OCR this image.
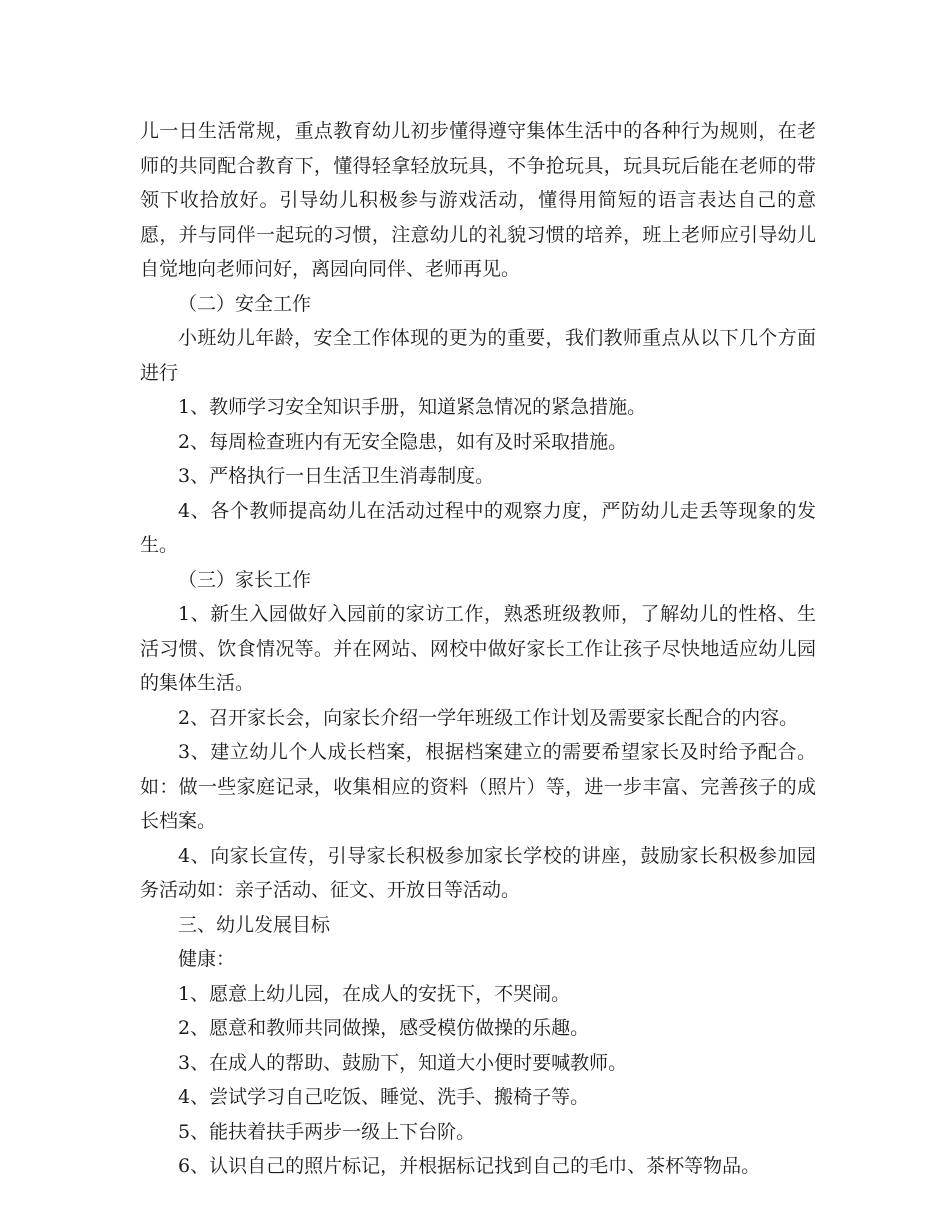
儿一日生活常规，重点教育幼儿初步懂得遵守集体生活中的各种行为规则，在老师的共同配合教育下，懂得轻拿轻放玩具，不争抢玩具，玩具玩后能在老师的带领下收拾放好。引导幼儿积极参与游戏活动，懂得用简短的语言表达自己的意愿，并与同伴一起玩的习惯，注意幼儿的礼貌习惯的培养，班上老师应引导幼儿自觉地向老师问好，离园向同伴、老师再见。

（二）安全工作

小班幼儿年龄，安全工作体现的更为的重要，我们教师重点从以下几个方面进行

1、教师学习安全知识手册，知道紧急情况的紧急措施。

2、每周检查班内有无安全隐患，如有及时采取措施。

3、严格执行一日生活卫生消毒制度。

4、各个教师提高幼儿在活动过程中的观察力度，严防幼儿走丢等现象的发生。

（三）家长工作

1、新生入园做好入园前的家访工作，熟悉班级教师，了解幼儿的性格、生活习惯、饮食情况等。并在网站、网校中做好家长工作让孩子尽快地适应幼儿园的集体生活。

2、召开家长会，向家长介绍一学年班级工作计划及需要家长配合的内容。

3、建立幼儿个人成长档案，根据档案建立的需要希望家长及时给予配合。如：做一些家庭记录，收集相应的资料（照片）等，进一步丰富、完善孩子的成长档案。

4、向家长宣传，引导家长积极参加家长学校的讲座，鼓励家长积极参加园务活动如：亲子活动、征文、开放日等活动。

三、幼儿发展目标

健康：

1、愿意上幼儿园，在成人的安抚下，不哭闹。

2、愿意和教师共同做操，感受模仿做操的乐趣。

3、在成人的帮助、鼓励下，知道大小便时要喊教师。

4、尝试学习自己吃饭、睡觉、洗手、搬椅子等。

5、能扶着扶手两步一级上下台阶。

6、认识自己的照片标记，并根据标记找到自己的毛巾、茶杯等物品。
